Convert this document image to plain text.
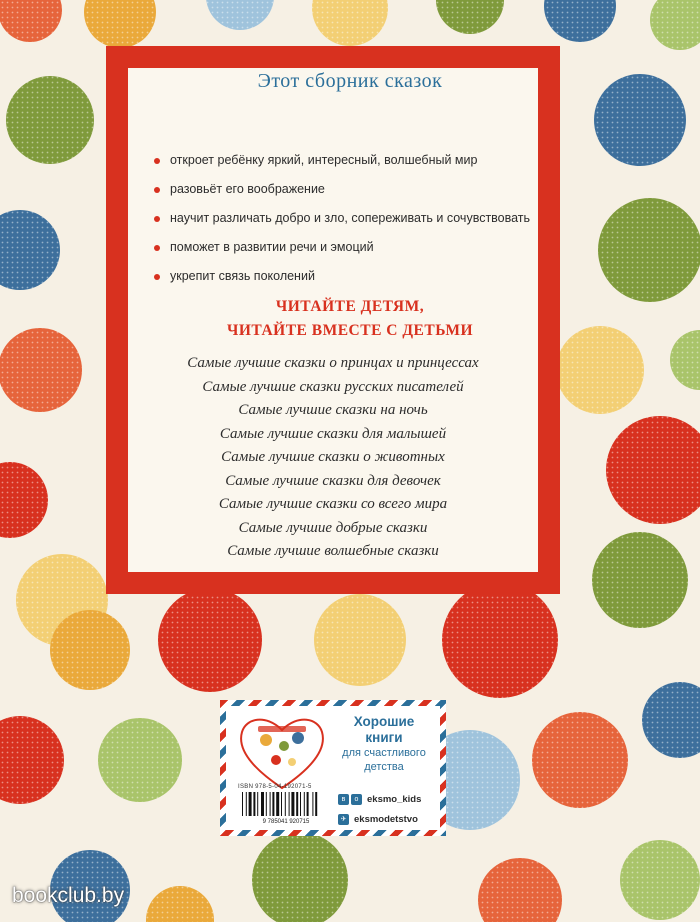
Этот сборник сказок
откроет ребёнку яркий, интересный, волшебный мир
разовьёт его воображение
научит различать добро и зло, сопереживать и сочувствовать
поможет в развитии речи и эмоций
укрепит связь поколений
ЧИТАЙТЕ ДЕТЯМ,
ЧИТАЙТЕ ВМЕСТЕ С ДЕТЬМИ
Самые лучшие сказки о принцах и принцессах
Самые лучшие сказки русских писателей
Самые лучшие сказки на ночь
Самые лучшие сказки для малышей
Самые лучшие сказки о животных
Самые лучшие сказки для девочек
Самые лучшие сказки со всего мира
Самые лучшие добрые сказки
Самые лучшие волшебные сказки
Хорошие
книги
для счастливого
детства
ISBN 978-5-04-192071-5
9 785041 920715
в	о eksmo_kids
✈ eksmodetstvo
bookclub.by
